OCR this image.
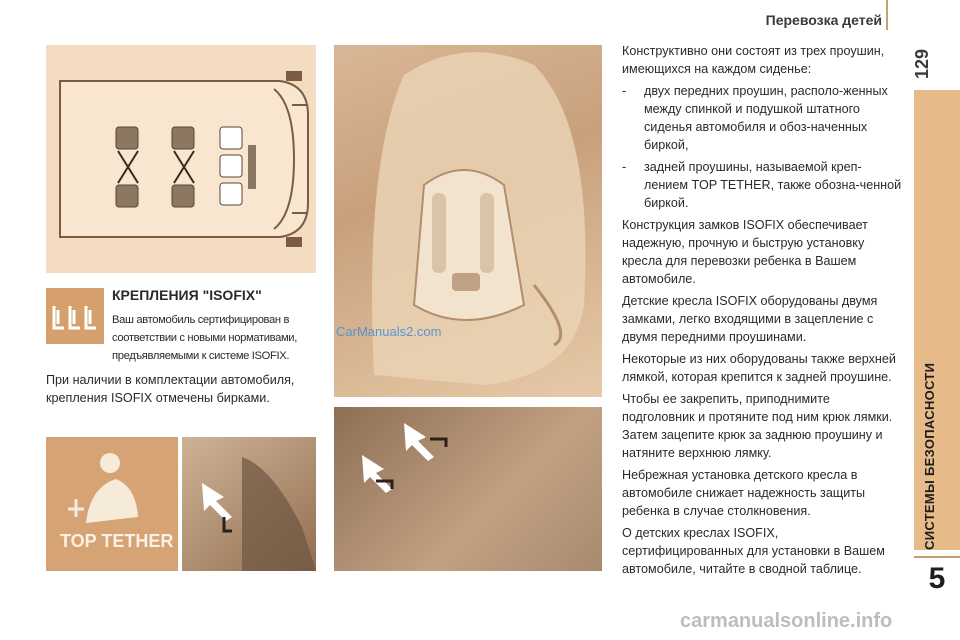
Перевозка детей
129
СИСТЕМЫ БЕЗОПАСНОСТИ
5
TOP TETHER
КРЕПЛЕНИЯ "ISOFIX"
Ваш автомобиль сертифицирован в соответствии с новыми нормативами, предъявляемыми к системе ISOFIX.
При наличии в комплектации автомобиля, крепления ISOFIX отмечены бирками.

Конструктивно они состоят из трех проушин, имеющихся на каждом сиденье:

- двух передних проушин, располо-женных между спинкой и подушкой штатного сиденья автомобиля и обоз-наченных биркой,

- задней проушины, называемой креп-лением TOP TETHER, также обозна-ченной биркой.

Конструкция замков ISOFIX обеспечивает надежную, прочную и быструю установку кресла для перевозки ребенка в Вашем автомобиле.

Детские кресла ISOFIX оборудованы двумя замками, легко входящими в зацепление с двумя передними проушинами.

Некоторые из них оборудованы также верхней лямкой, которая крепится к задней проушине.

Чтобы ее закрепить, приподнимите подголовник и протяните под ним крюк лямки. Затем зацепите крюк за заднюю проушину и натяните верхнюю лямку.

Небрежная установка детского кресла в автомобиле снижает надежность защиты ребенка в случае столкновения.

О детских креслах ISOFIX, сертифицированных для установки в Вашем автомобиле, читайте в сводной таблице.

CarManuals2.com
carmanualsonline.info
